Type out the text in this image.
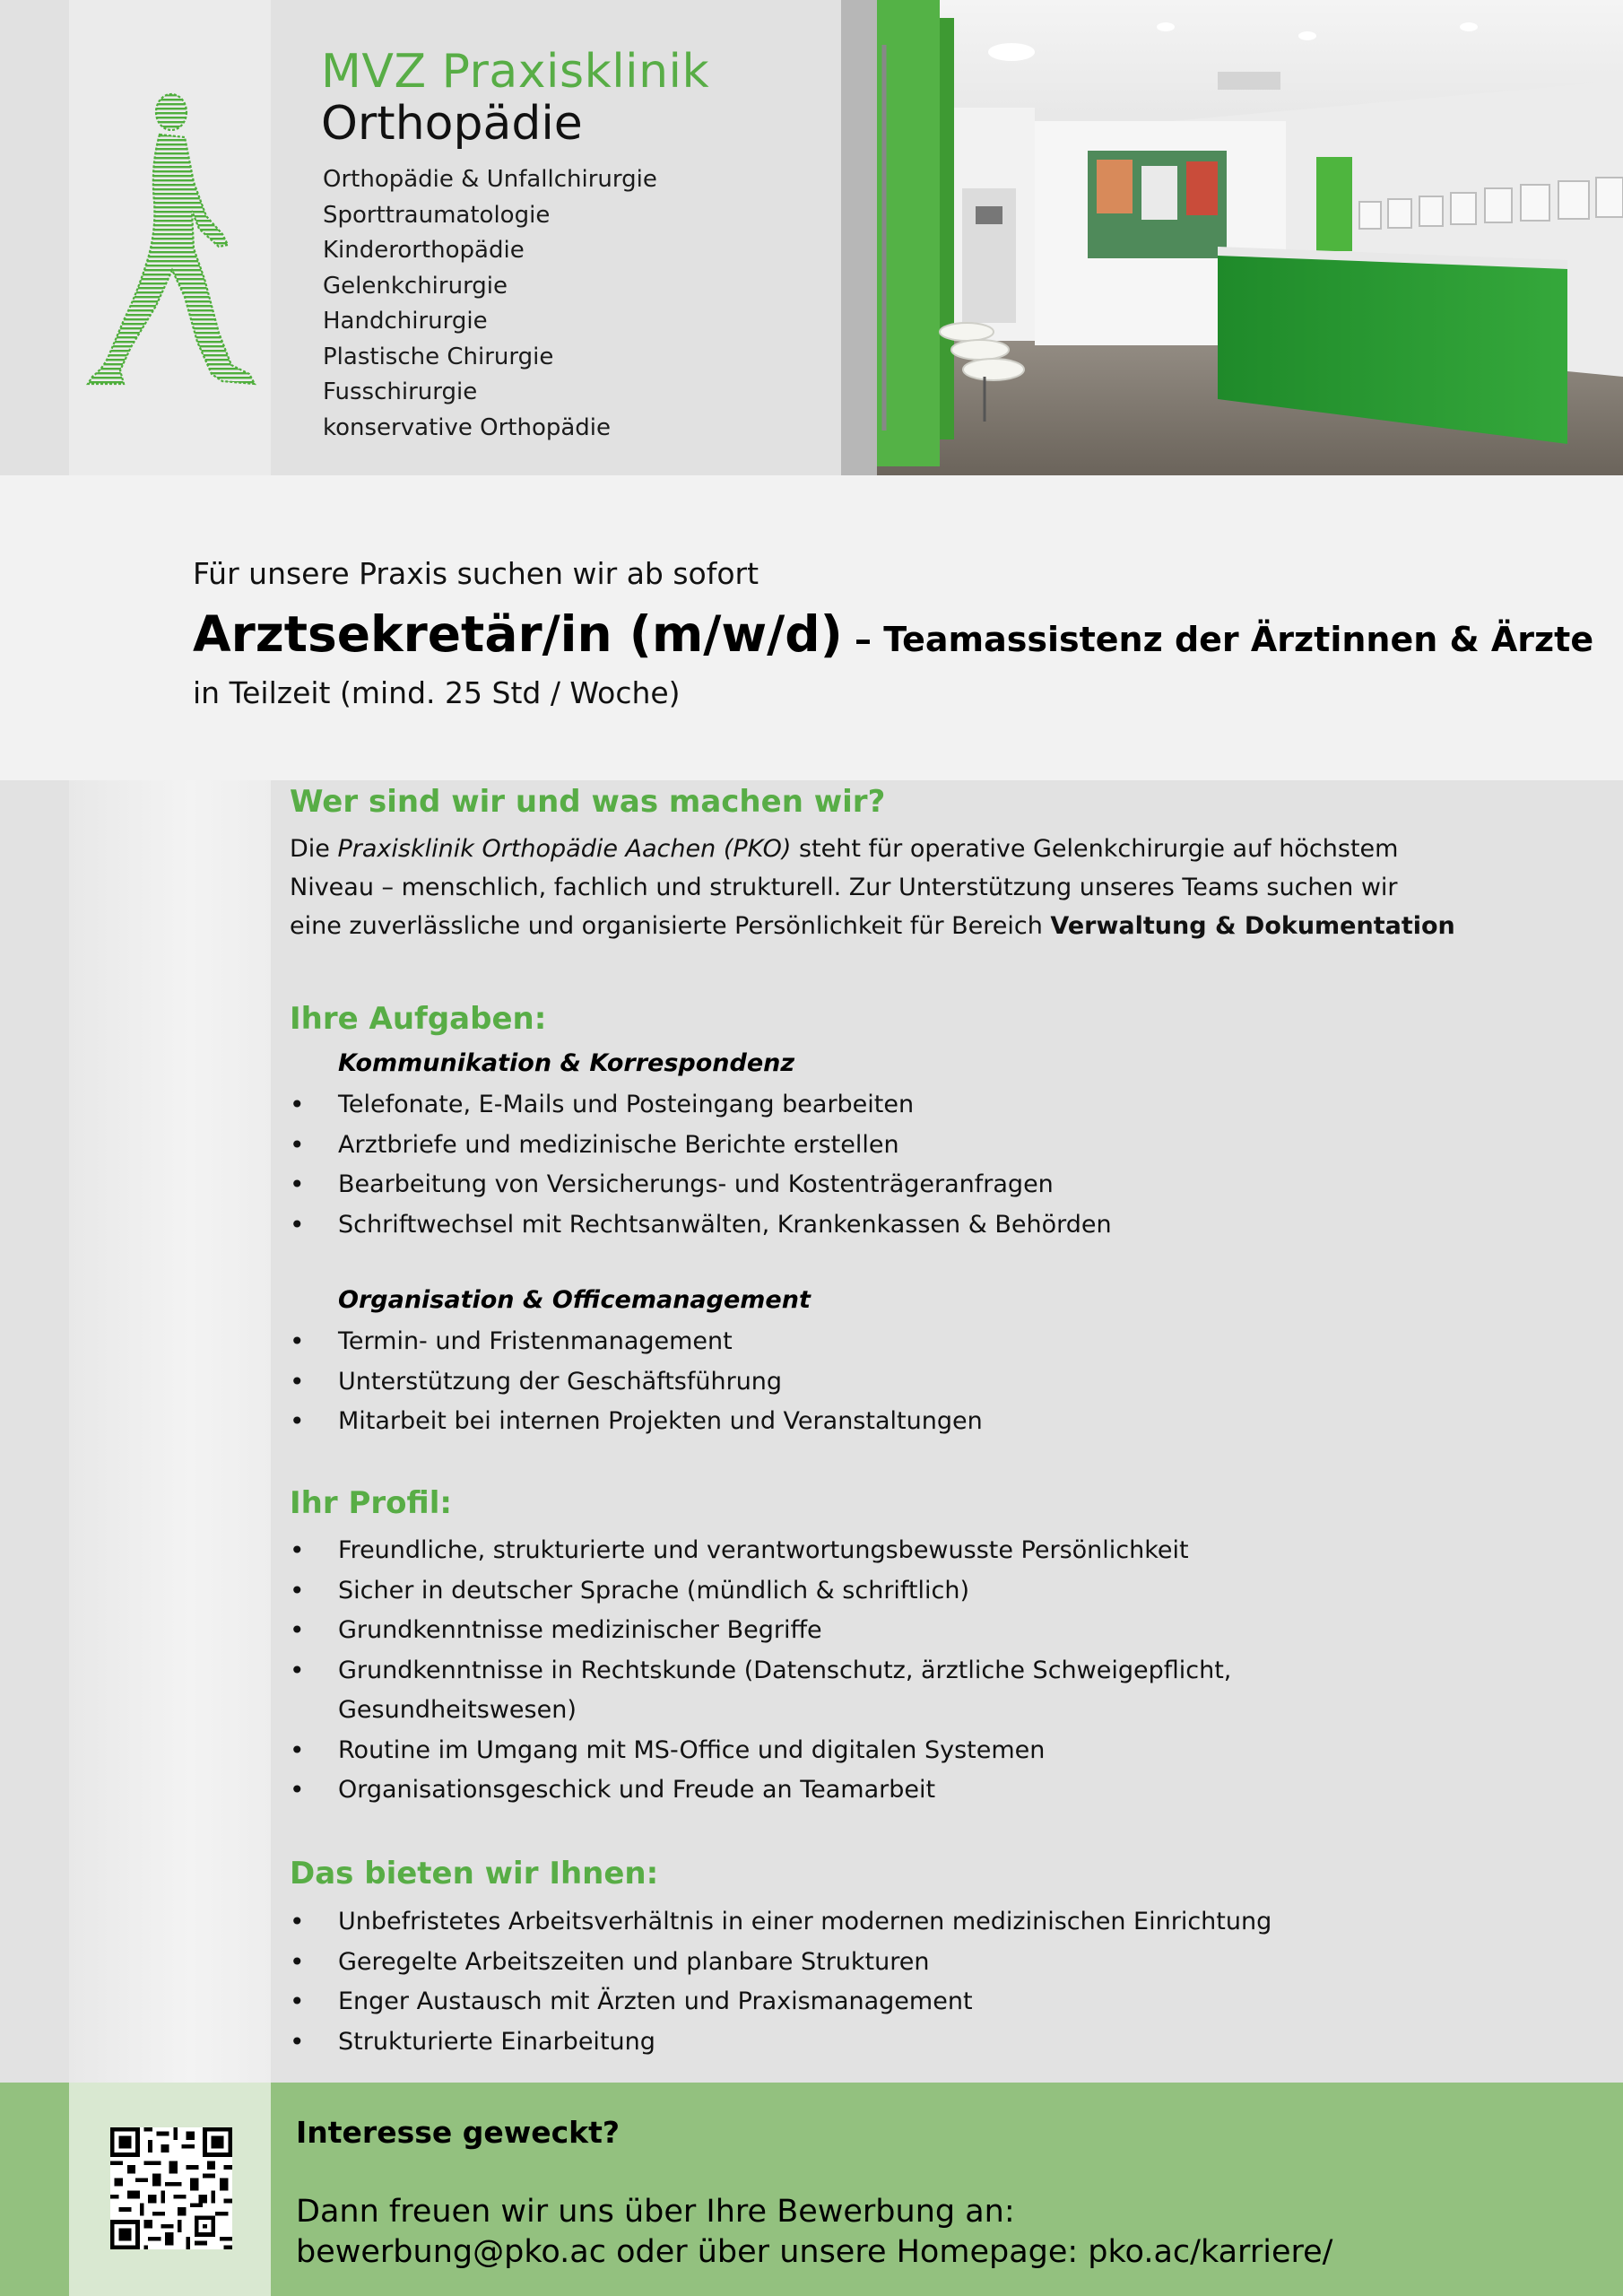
MVZ Praxisklinik
Orthopädie
Orthopädie & Unfallchirurgie
Sporttraumatologie
Kinderorthopädie
Gelenkchirurgie
Handchirurgie
Plastische Chirurgie
Fusschirurgie
konservative Orthopädie
Für unsere Praxis suchen wir ab sofort
Arztsekretär/in (m/w/d) – Teamassistenz der Ärztinnen & Ärzte
in Teilzeit (mind. 25 Std / Woche)
Wer sind wir und was machen wir?
Die Praxisklinik Orthopädie Aachen (PKO) steht für operative Gelenkchirurgie auf höchstem Niveau – menschlich, fachlich und strukturell. Zur Unterstützung unseres Teams suchen wir eine zuverlässliche und organisierte Persönlichkeit für Bereich Verwaltung & Dokumentation
Ihre Aufgaben:
Kommunikation & Korrespondenz
• Telefonate, E-Mails und Posteingang bearbeiten
• Arztbriefe und medizinische Berichte erstellen
• Bearbeitung von Versicherungs- und Kostenträgeranfragen
• Schriftwechsel mit Rechtsanwälten, Krankenkassen & Behörden
Organisation & Officemanagement
• Termin- und Fristenmanagement
• Unterstützung der Geschäftsführung
• Mitarbeit bei internen Projekten und Veranstaltungen
Ihr Profil:
• Freundliche, strukturierte und verantwortungsbewusste Persönlichkeit
• Sicher in deutscher Sprache (mündlich & schriftlich)
• Grundkenntnisse medizinischer Begriffe
• Grundkenntnisse in Rechtskunde (Datenschutz, ärztliche Schweigepflicht, Gesundheitswesen)
• Routine im Umgang mit MS-Office und digitalen Systemen
• Organisationsgeschick und Freude an Teamarbeit
Das bieten wir Ihnen:
• Unbefristetes Arbeitsverhältnis in einer modernen medizinischen Einrichtung
• Geregelte Arbeitszeiten und planbare Strukturen
• Enger Austausch mit Ärzten und Praxismanagement
• Strukturierte Einarbeitung
Interesse geweckt?
Dann freuen wir uns über Ihre Bewerbung an:
bewerbung@pko.ac oder über unsere Homepage: pko.ac/karriere/
